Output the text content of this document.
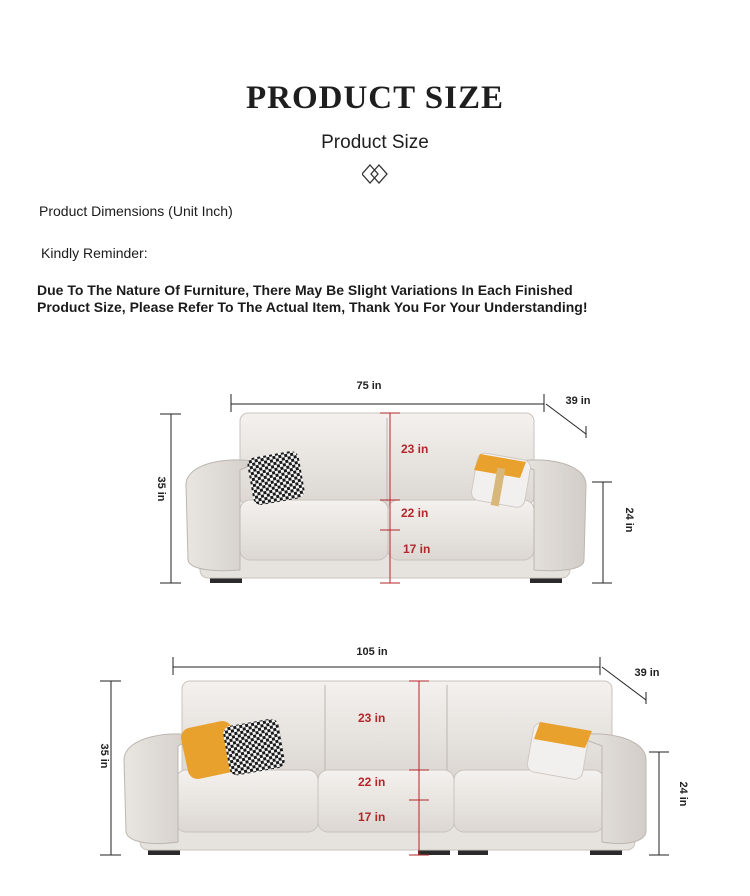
PRODUCT SIZE
Product Size
Product Dimensions (Unit Inch)
Kindly Reminder:
Due To The Nature Of Furniture, There May Be Slight Variations In Each Finished
Product Size, Please Refer To The Actual Item, Thank You For Your Understanding!
75 in
39 in
35 in
24 in
23 in
22 in
17 in
105 in
39 in
35 in
24 in
23 in
22 in
17 in
